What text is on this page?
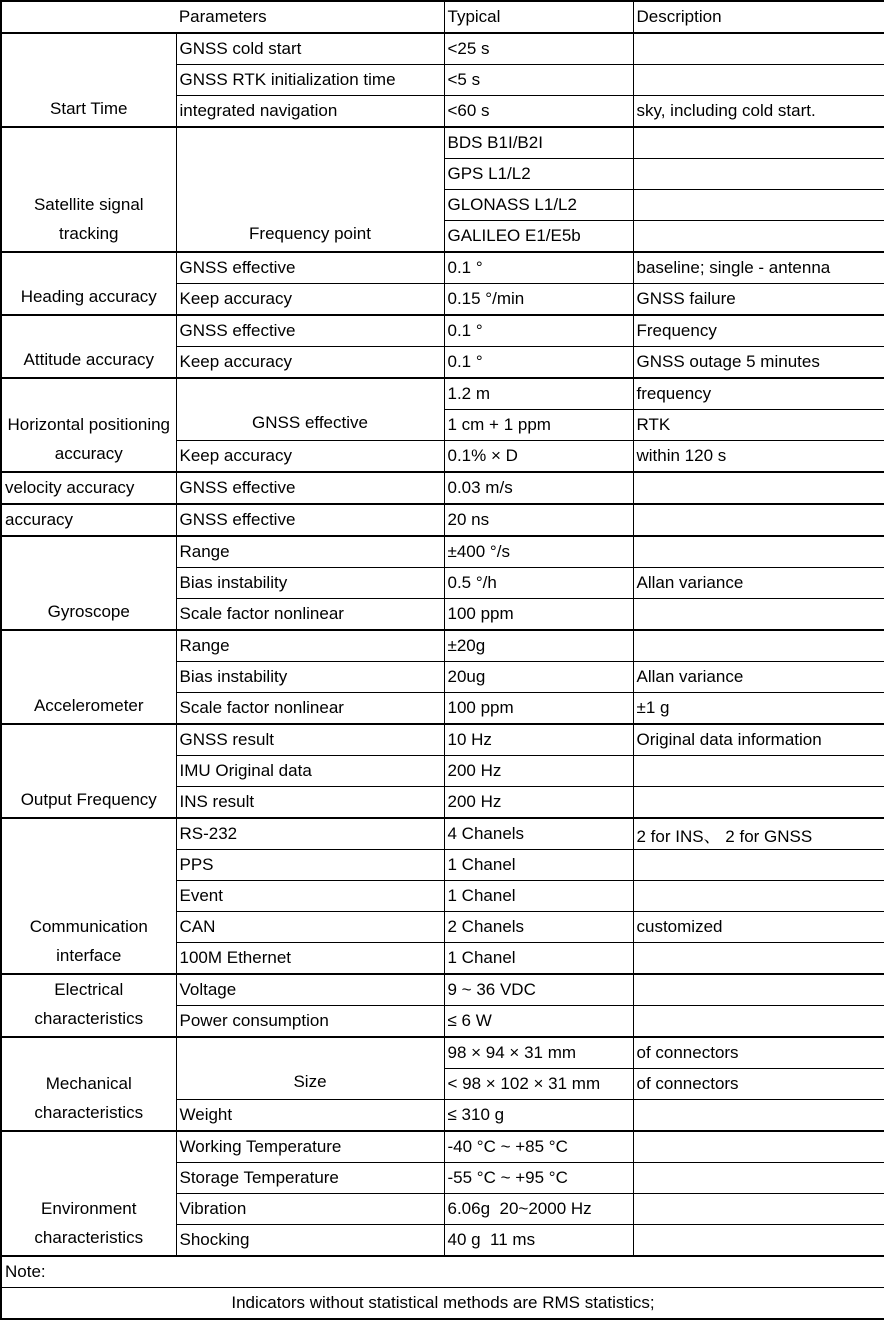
Parameters		Typical	Description
Start Time	GNSS cold start	<25 s	
	GNSS RTK initialization time	<5 s	
	integrated navigation	<60 s	sky, including cold start.
Satellite signal tracking	Frequency point	BDS B1I/B2I	
		GPS L1/L2	
		GLONASS L1/L2	
		GALILEO E1/E5b	
Heading accuracy	GNSS effective	0.1 °	baseline; single - antenna
	Keep accuracy	0.15 °/min	GNSS failure
Attitude accuracy	GNSS effective	0.1 °	Frequency
	Keep accuracy	0.1 °	GNSS outage 5 minutes
Horizontal positioning accuracy	GNSS effective	1.2 m	frequency
		1 cm + 1 ppm	RTK
	Keep accuracy	0.1% × D	within 120 s
velocity accuracy	GNSS effective	0.03 m/s	
accuracy	GNSS effective	20 ns	
Gyroscope	Range	±400 °/s	
	Bias instability	0.5 °/h	Allan variance
	Scale factor nonlinear	100 ppm	
Accelerometer	Range	±20g	
	Bias instability	20ug	Allan variance
	Scale factor nonlinear	100 ppm	±1 g
Output Frequency	GNSS result	10 Hz	Original data information
	IMU Original data	200 Hz	
	INS result	200 Hz	
Communication interface	RS-232	4 Chanels	2 for INS、 2 for GNSS
	PPS	1 Chanel	
	Event	1 Chanel	
	CAN	2 Chanels	customized
	100M Ethernet	1 Chanel	
Electrical characteristics	Voltage	9 ~ 36 VDC	
	Power consumption	≤ 6 W	
Mechanical characteristics	Size	98 × 94 × 31 mm	of connectors
		< 98 × 102 × 31 mm	of connectors
	Weight	≤ 310 g	
Environment characteristics	Working Temperature	-40 °C ~ +85 °C	
	Storage Temperature	-55 °C ~ +95 °C	
	Vibration	6.06g  20~2000 Hz	
	Shocking	40 g  11 ms	
Note:			
Indicators without statistical methods are RMS statistics;			
